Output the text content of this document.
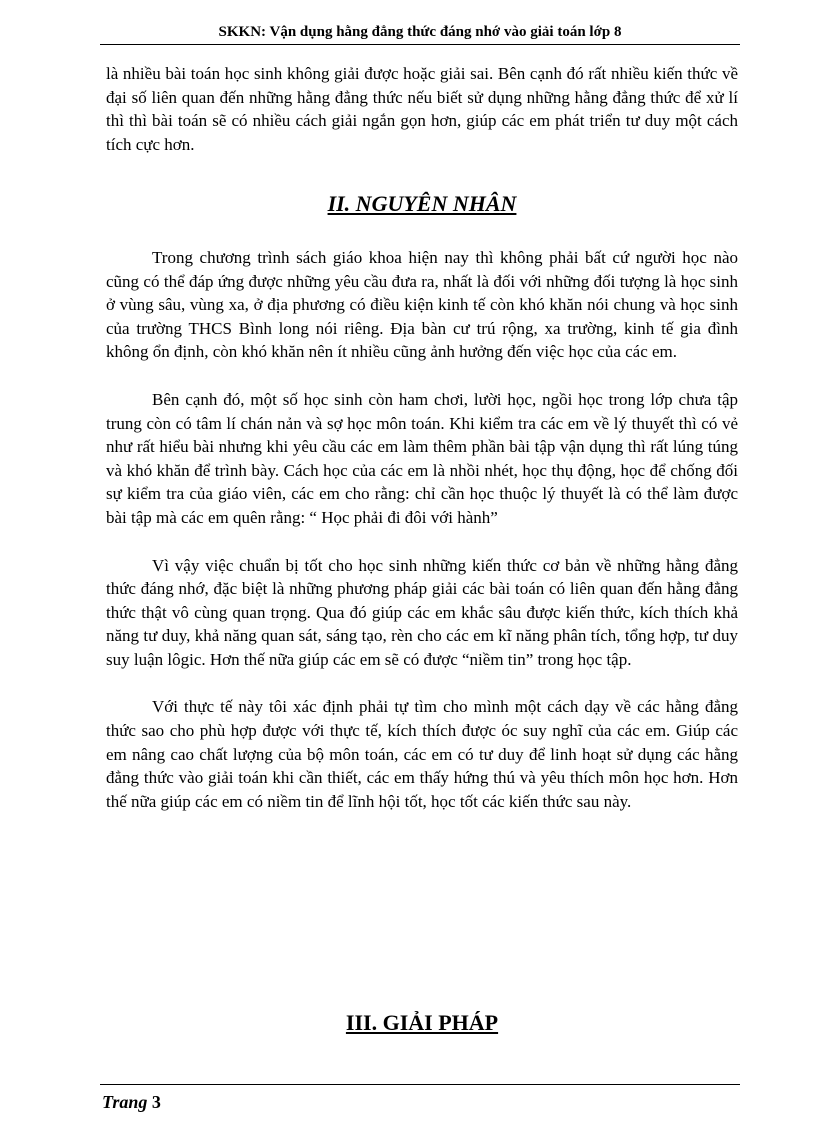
SKKN: Vận dụng hằng đẳng thức đáng nhớ vào giải toán lớp 8

là nhiều bài toán học sinh không giải được hoặc giải sai. Bên cạnh đó rất nhiều kiến thức về đại số liên quan đến những hằng đẳng thức nếu biết sử dụng những hằng đẳng thức để xử lí thì thì bài toán sẽ có nhiều cách giải ngắn gọn hơn, giúp các em phát triển tư duy một cách tích cực hơn.

II. NGUYÊN NHÂN

Trong chương trình sách giáo khoa hiện nay thì không phải bất cứ người học nào cũng có thể đáp ứng được những yêu cầu đưa ra, nhất là đối với những đối tượng là học sinh ở vùng sâu, vùng xa, ở địa phương có điều kiện kinh tế còn khó khăn nói chung và học sinh của trường THCS Bình long nói riêng. Địa bàn cư trú rộng, xa trường, kinh tế gia đình không ổn định, còn khó khăn nên ít nhiều cũng ảnh hưởng đến việc học của các em.

Bên cạnh đó, một số học sinh còn ham chơi, lười học, ngồi học trong lớp chưa tập trung còn có tâm lí chán nản và sợ học môn toán. Khi kiểm tra các em về lý thuyết thì có vẻ như rất hiểu bài nhưng khi yêu cầu các em làm thêm phần bài tập vận dụng thì rất lúng túng và khó khăn để trình bày. Cách học của các em là nhồi nhét, học thụ động, học để chống đối sự kiểm tra của giáo viên, các em cho rằng: chỉ cần học thuộc lý thuyết là có thể làm được bài tập mà các em quên rằng: “ Học phải đi đôi với hành”

Vì vậy việc chuẩn bị tốt cho học sinh những kiến thức cơ bản về những hằng đẳng thức đáng nhớ, đặc biệt là những phương pháp giải các bài toán có liên quan đến hằng đẳng thức thật vô cùng quan trọng. Qua đó giúp các em khắc sâu được kiến thức, kích thích khả năng tư duy, khả năng quan sát, sáng tạo, rèn cho các em kĩ năng phân tích, tổng hợp, tư duy suy luận lôgic. Hơn thế nữa giúp các em sẽ có được “niềm tin” trong học tập.

Với thực tế này tôi xác định phải tự tìm cho mình một cách dạy về các hằng đẳng thức sao cho phù hợp được với thực tế, kích thích được óc suy nghĩ của các em. Giúp các em nâng cao chất lượng của bộ môn toán, các em có tư duy để linh hoạt sử dụng các hằng đẳng thức vào giải toán khi cần thiết, các em thấy hứng thú và yêu thích môn học hơn. Hơn thế nữa giúp các em có niềm tin để lĩnh hội tốt, học tốt các kiến thức sau này.

III. GIẢI PHÁP

Trang 3
